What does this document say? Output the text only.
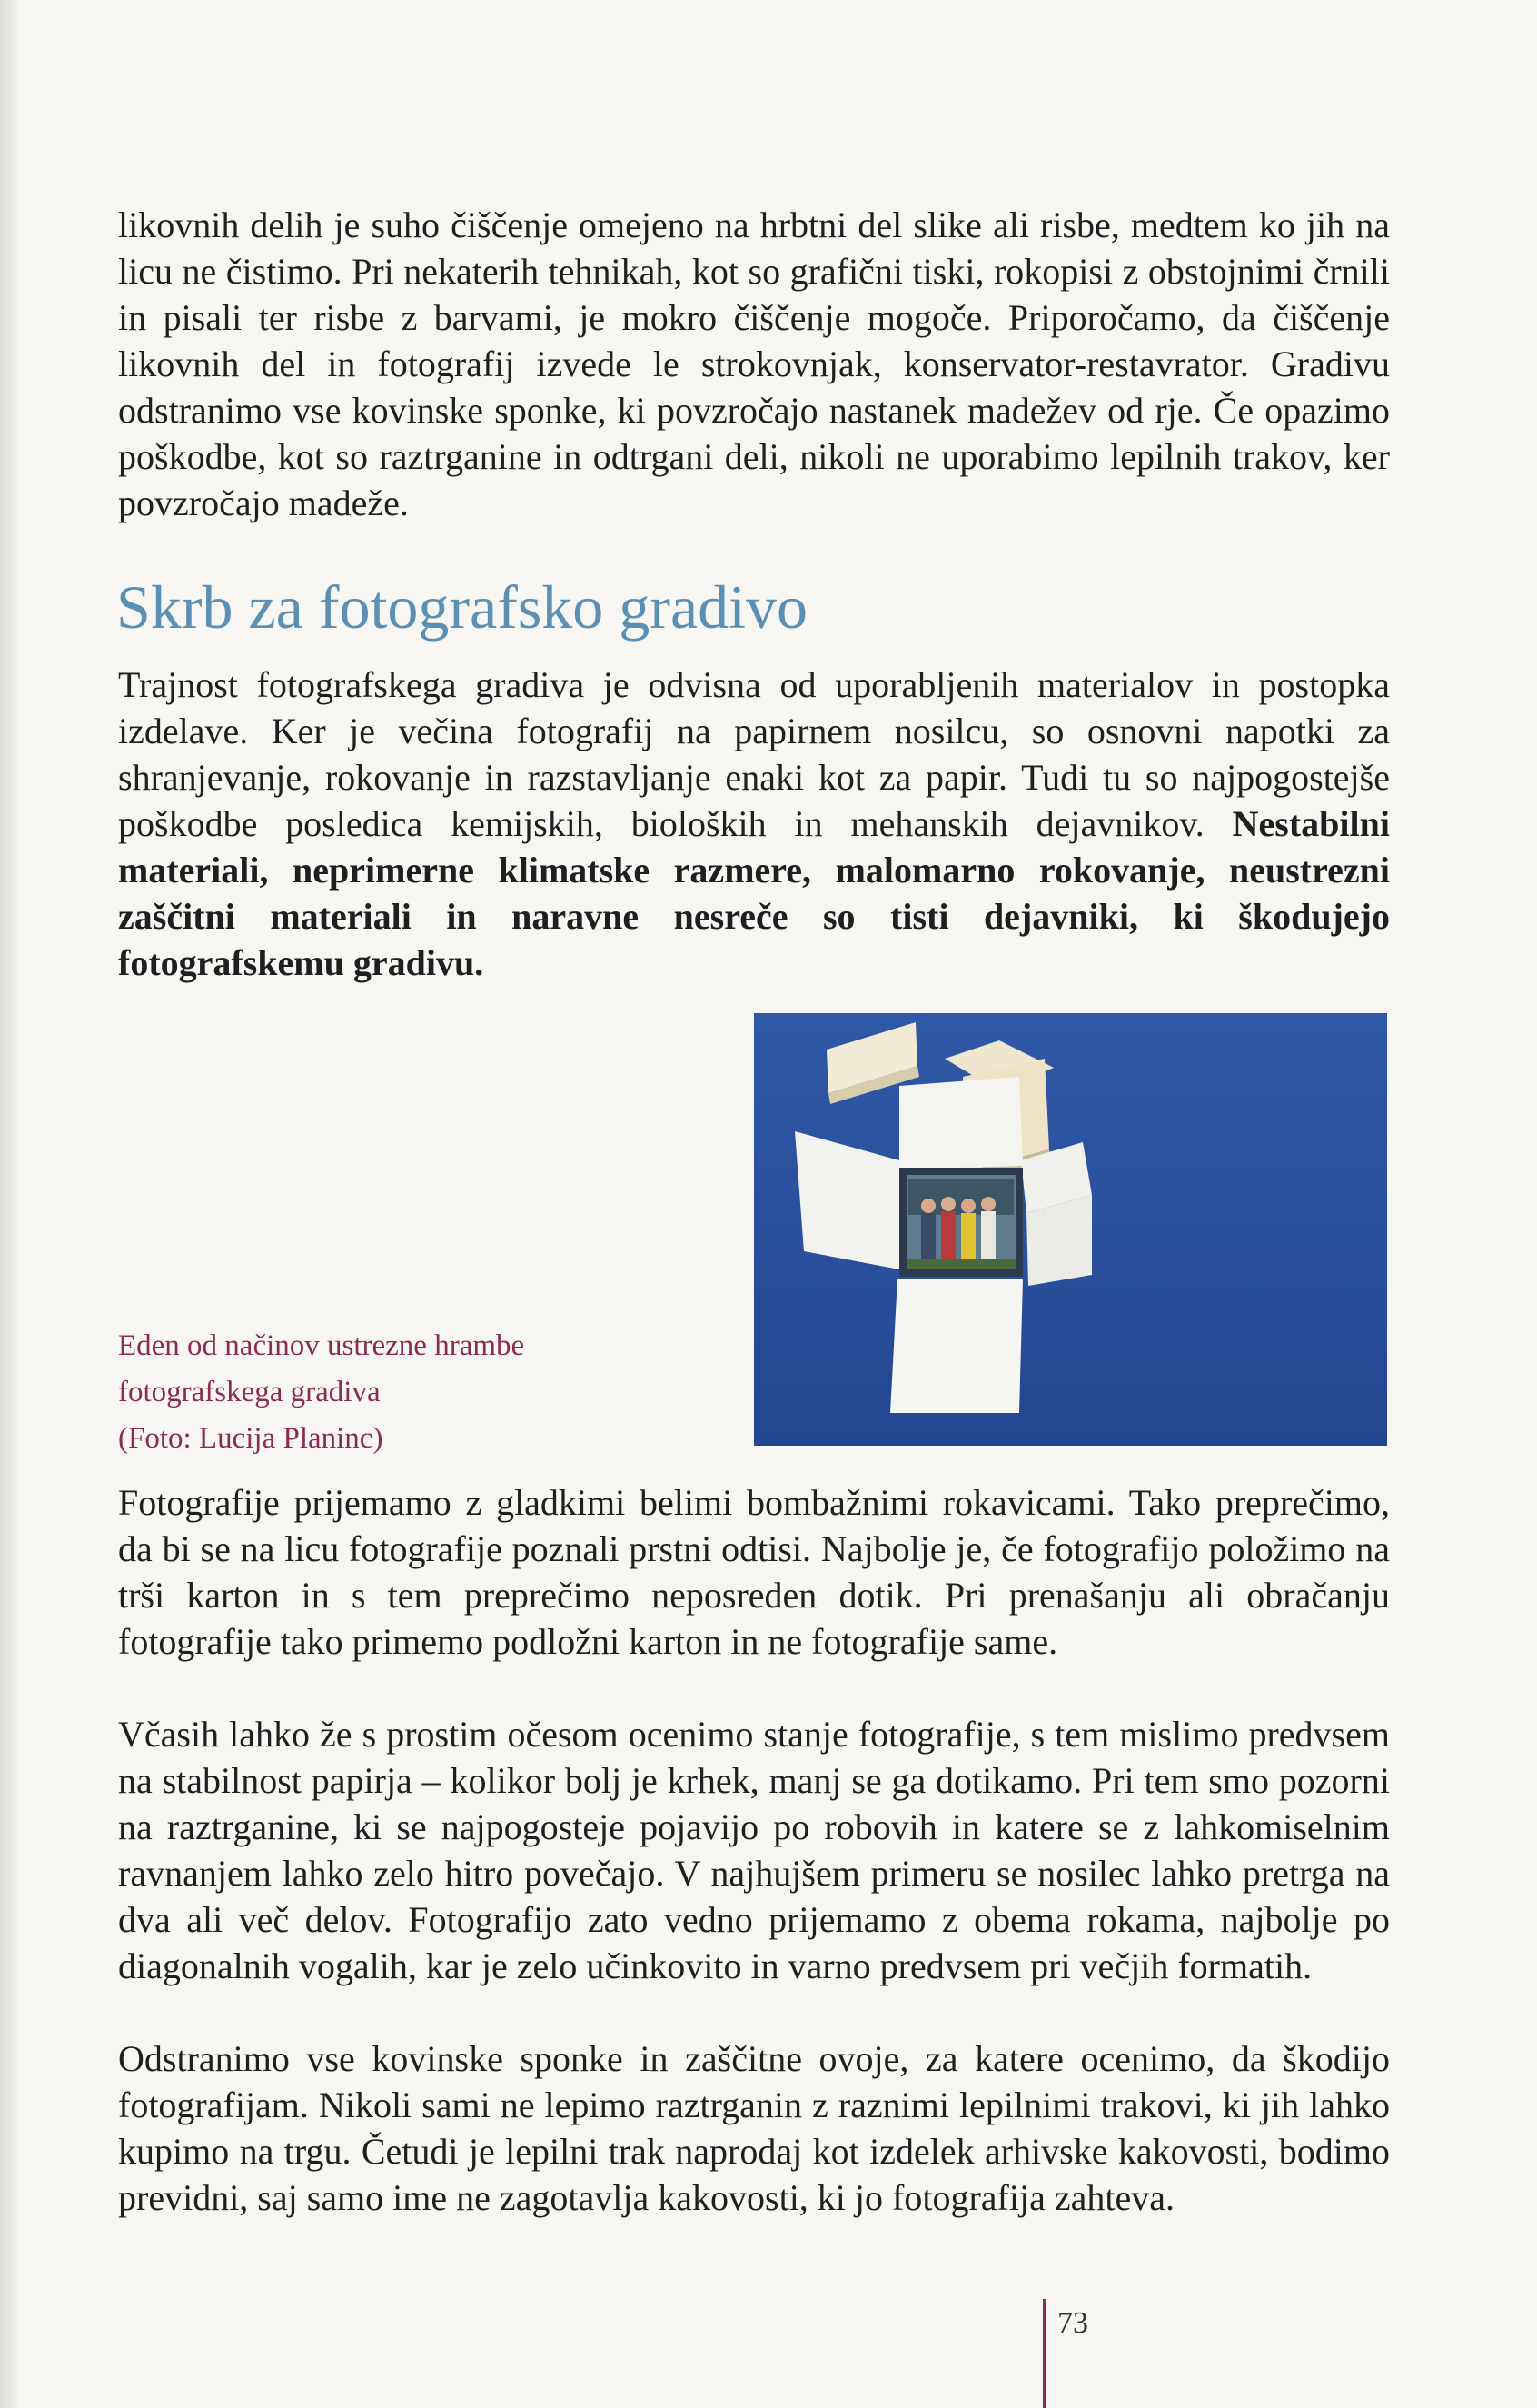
likovnih delih je suho čiščenje omejeno na hrbtni del slike ali risbe, medtem ko jih na licu ne čistimo. Pri nekaterih tehnikah, kot so grafični tiski, rokopisi z obstojnimi črnili in pisali ter risbe z barvami, je mokro čiščenje mogoče. Priporočamo, da čiščenje likovnih del in fotografij izvede le strokovnjak, konservator-restavrator. Gradivu odstranimo vse kovinske sponke, ki povzročajo nastanek madežev od rje. Če opazimo poškodbe, kot so raztrganine in odtrgani deli, nikoli ne uporabimo lepilnih trakov, ker povzročajo madeže.

Skrb za fotografsko gradivo

Trajnost fotografskega gradiva je odvisna od uporabljenih materialov in postopka izdelave. Ker je večina fotografij na papirnem nosilcu, so osnovni napotki za shranjevanje, rokovanje in razstavljanje enaki kot za papir. Tudi tu so najpogostejše poškodbe posledica kemijskih, bioloških in mehanskih dejavnikov. Nestabilni materiali, neprimerne klimatske razmere, malomarno rokovanje, neustrezni zaščitni materiali in naravne nesreče so tisti dejavniki, ki škodujejo fotografskemu gradivu.

Eden od načinov ustrezne hrambe
fotografskega gradiva
(Foto: Lucija Planinc)

Fotografije prijemamo z gladkimi belimi bombažnimi rokavicami. Tako preprečimo, da bi se na licu fotografije poznali prstni odtisi. Najbolje je, če fotografijo položimo na trši karton in s tem preprečimo neposreden dotik. Pri prenašanju ali obračanju fotografije tako primemo podložni karton in ne fotografije same.

Včasih lahko že s prostim očesom ocenimo stanje fotografije, s tem mislimo predvsem na stabilnost papirja – kolikor bolj je krhek, manj se ga dotikamo. Pri tem smo pozorni na raztrganine, ki se najpogosteje pojavijo po robovih in katere se z lahkomiselnim ravnanjem lahko zelo hitro povečajo. V najhujšem primeru se nosilec lahko pretrga na dva ali več delov. Fotografijo zato vedno prijemamo z obema rokama, najbolje po diagonalnih vogalih, kar je zelo učinkovito in varno predvsem pri večjih formatih.

Odstranimo vse kovinske sponke in zaščitne ovoje, za katere ocenimo, da škodijo fotografijam. Nikoli sami ne lepimo raztrganin z raznimi lepilnimi trakovi, ki jih lahko kupimo na trgu. Četudi je lepilni trak naprodaj kot izdelek arhivske kakovosti, bodimo previdni, saj samo ime ne zagotavlja kakovosti, ki jo fotografija zahteva.

73
